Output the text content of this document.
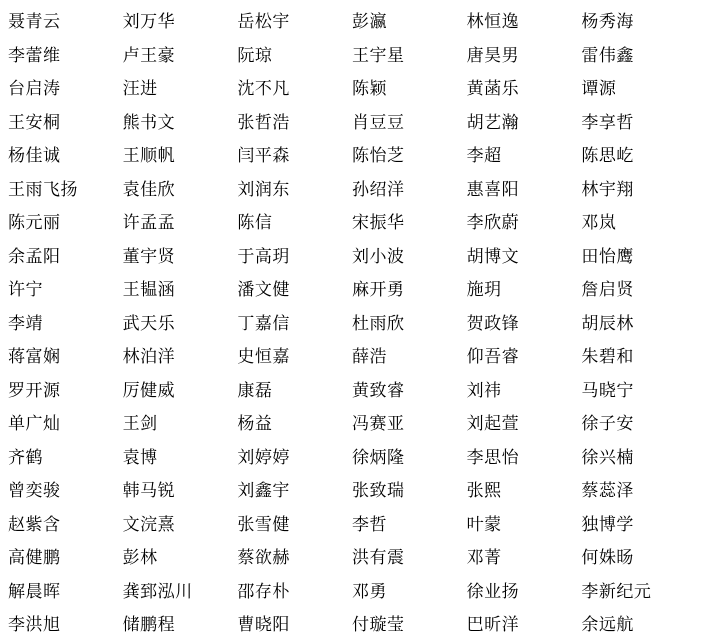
聂青云	刘万华	岳松宇	彭瀛	林恒逸	杨秀海
李蕾维	卢王豪	阮琼	王宇星	唐昊男	雷伟鑫
台启涛	汪进	沈不凡	陈颖	黄菡乐	谭源
王安桐	熊书文	张哲浩	肖豆豆	胡艺瀚	李享哲
杨佳诚	王顺帆	闫平森	陈怡芝	李超	陈思屹
王雨飞扬	袁佳欣	刘润东	孙绍洋	惠喜阳	林宇翔
陈元丽	许孟孟	陈信	宋振华	李欣蔚	邓岚
余孟阳	董宇贤	于高玥	刘小波	胡博文	田怡鹰
许宁	王韫涵	潘文健	麻开勇	施玥	詹启贤
李靖	武天乐	丁嘉信	杜雨欣	贺政锋	胡辰林
蒋富娴	林泊洋	史恒嘉	薛浩	仰吾睿	朱碧和
罗开源	厉健威	康磊	黄致睿	刘祎	马晓宁
单广灿	王剑	杨益	冯赛亚	刘起萱	徐子安
齐鹤	袁博	刘婷婷	徐炳隆	李思怡	徐兴楠
曾奕骏	韩马锐	刘鑫宇	张致瑞	张熙	蔡蕊泽
赵紫含	文浣熹	张雪健	李哲	叶蒙	独博学
高健鹏	彭林	蔡欲赫	洪有震	邓菁	何姝旸
解晨晖	龚郅泓川	邵存朴	邓勇	徐业扬	李新纪元
李洪旭	储鹏程	曹晓阳	付璇莹	巴昕洋	余远航
